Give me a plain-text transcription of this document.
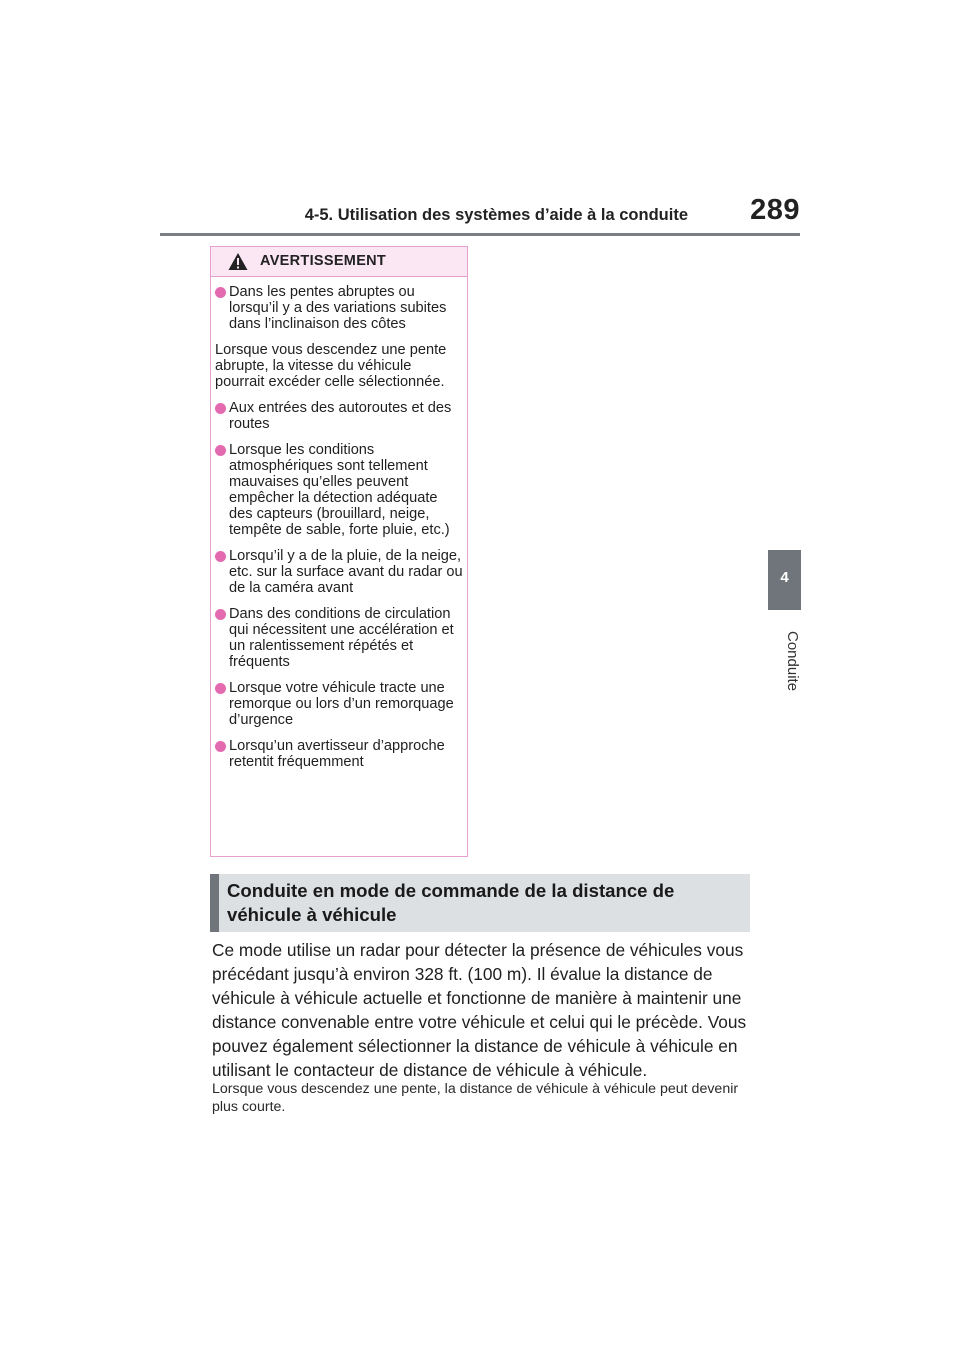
4-5. Utilisation des systèmes d’aide à la conduite 289
4
Conduite
AVERTISSEMENT
Dans les pentes abruptes ou lorsqu’il y a des variations subites dans l’inclinaison des côtes
Lorsque vous descendez une pente abrupte, la vitesse du véhicule pourrait excéder celle sélectionnée.
Aux entrées des autoroutes et des routes
Lorsque les conditions atmosphériques sont tellement mauvaises qu’elles peuvent empêcher la détection adéquate des capteurs (brouillard, neige, tempête de sable, forte pluie, etc.)
Lorsqu’il y a de la pluie, de la neige, etc. sur la surface avant du radar ou de la caméra avant
Dans des conditions de circulation qui nécessitent une accélération et un ralentissement répétés et fréquents
Lorsque votre véhicule tracte une remorque ou lors d’un remorquage d’urgence
Lorsqu’un avertisseur d’approche retentit fréquemment
Conduite en mode de commande de la distance de véhicule à véhicule
Ce mode utilise un radar pour détecter la présence de véhicules vous précédant jusqu’à environ 328 ft. (100 m). Il évalue la distance de véhicule à véhicule actuelle et fonctionne de manière à maintenir une distance convenable entre votre véhicule et celui qui le précède. Vous pouvez également sélectionner la distance de véhicule à véhicule en utilisant le contacteur de distance de véhicule à véhicule.
Lorsque vous descendez une pente, la distance de véhicule à véhicule peut devenir plus courte.
